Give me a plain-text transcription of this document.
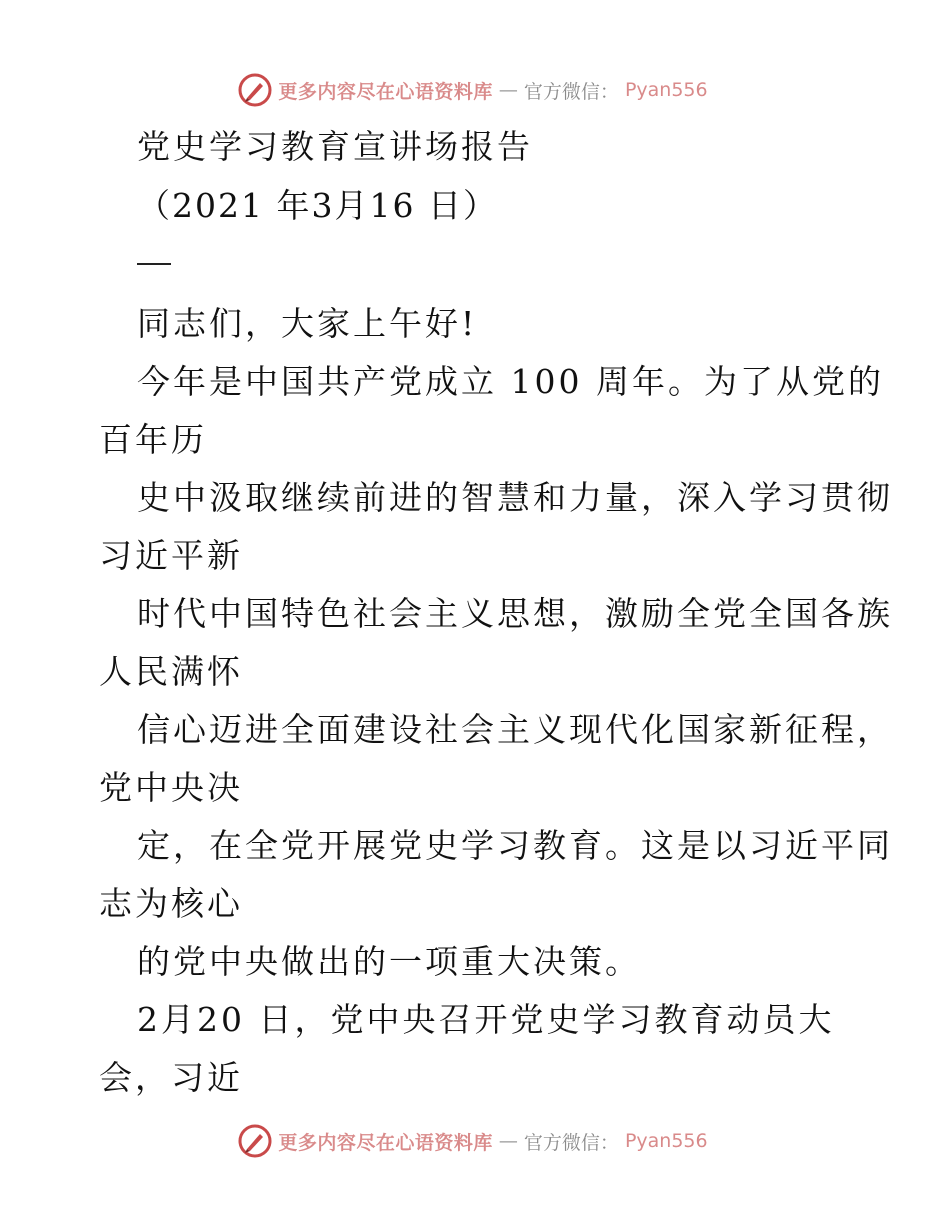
更多内容尽在心语资料库 — 官方微信： Pyan556
党史学习教育宣讲场报告
（2021 年3月16 日）
同志们，大家上午好!
今年是中国共产党成立 100 周年。为了从党的
百年历
史中汲取继续前进的智慧和力量，深入学习贯彻
习近平新
时代中国特色社会主义思想，激励全党全国各族
人民满怀
信心迈进全面建设社会主义现代化国家新征程，
党中央决
定，在全党开展党史学习教育。这是以习近平同
志为核心
的党中央做出的一项重大决策。
2月20 日，党中央召开党史学习教育动员大
会，习近
更多内容尽在心语资料库 — 官方微信： Pyan556
